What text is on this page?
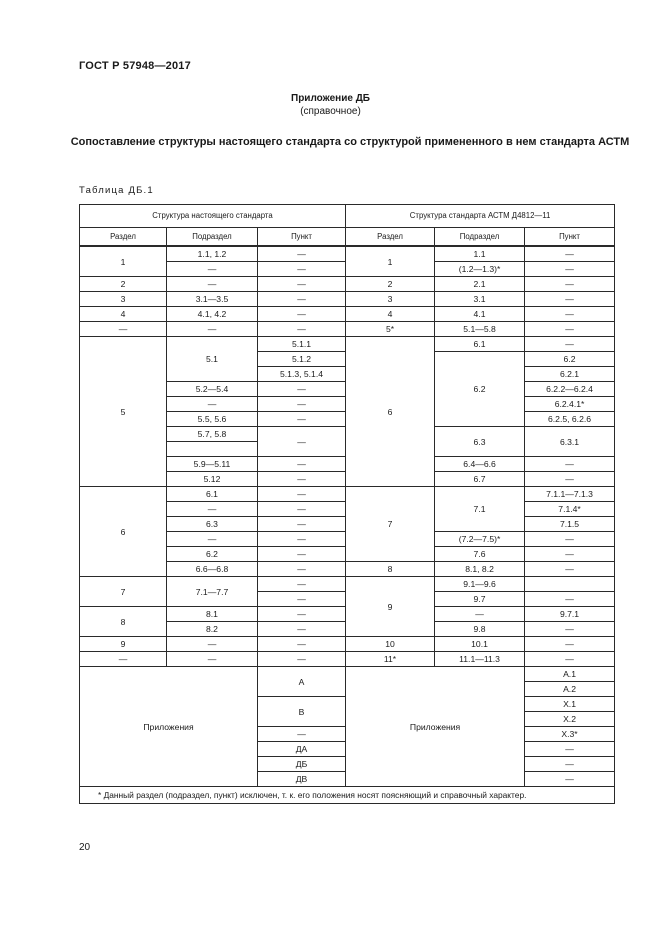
ГОСТ Р 57948—2017
Приложение ДБ
(справочное)
Сопоставление структуры настоящего стандарта со структурой примененного в нем стандарта АСТМ
Таблица ДБ.1
Структура настоящего стандарта			Структура стандарта АСТМ Д4812—11		
Раздел	Подраздел	Пункт	Раздел	Подраздел	Пункт
1	1.1, 1.2	—	1	1.1	—
	—	—		(1.2—1.3)*	—
2	—	—	2	2.1	—
3	3.1—3.5	—	3	3.1	—
4	4.1, 4.2	—	4	4.1	—
—	—	—	5*	5.1—5.8	—
5	5.1	5.1.1	6	6.1	—
		5.1.2		6.2	6.2
		5.1.3, 5.1.4			6.2.1
	5.2—5.4	—			6.2.2—6.2.4
	—	—			6.2.4.1*
	5.5, 5.6	—			6.2.5, 6.2.6
	5.7, 5.8	—		6.3	6.3.1

	5.9—5.11	—		6.4—6.6	—
	5.12	—		6.7	—
6	6.1	—	7	7.1	7.1.1—7.1.3
	—	—			7.1.4*
	6.3	—			7.1.5
	—	—		(7.2—7.5)*	—
	6.2	—		7.6	—
	6.6—6.8	—	8	8.1, 8.2	—
7	7.1—7.7	—	9	9.1—9.6	
		—		9.7	—
8	8.1	—		—	9.7.1
	8.2	—		9.8	—
9	—	—	10	10.1	—
—	—	—	11*	11.1—11.3	—
Приложения		А	Приложения		А.1
					А.2
		В			X.1
					X.2
		—			X.3*
		ДА			—
		ДБ			—
		ДВ			—
* Данный раздел (подраздел, пункт) исключен, т. к. его положения носят поясняющий и справочный характер.					
20
